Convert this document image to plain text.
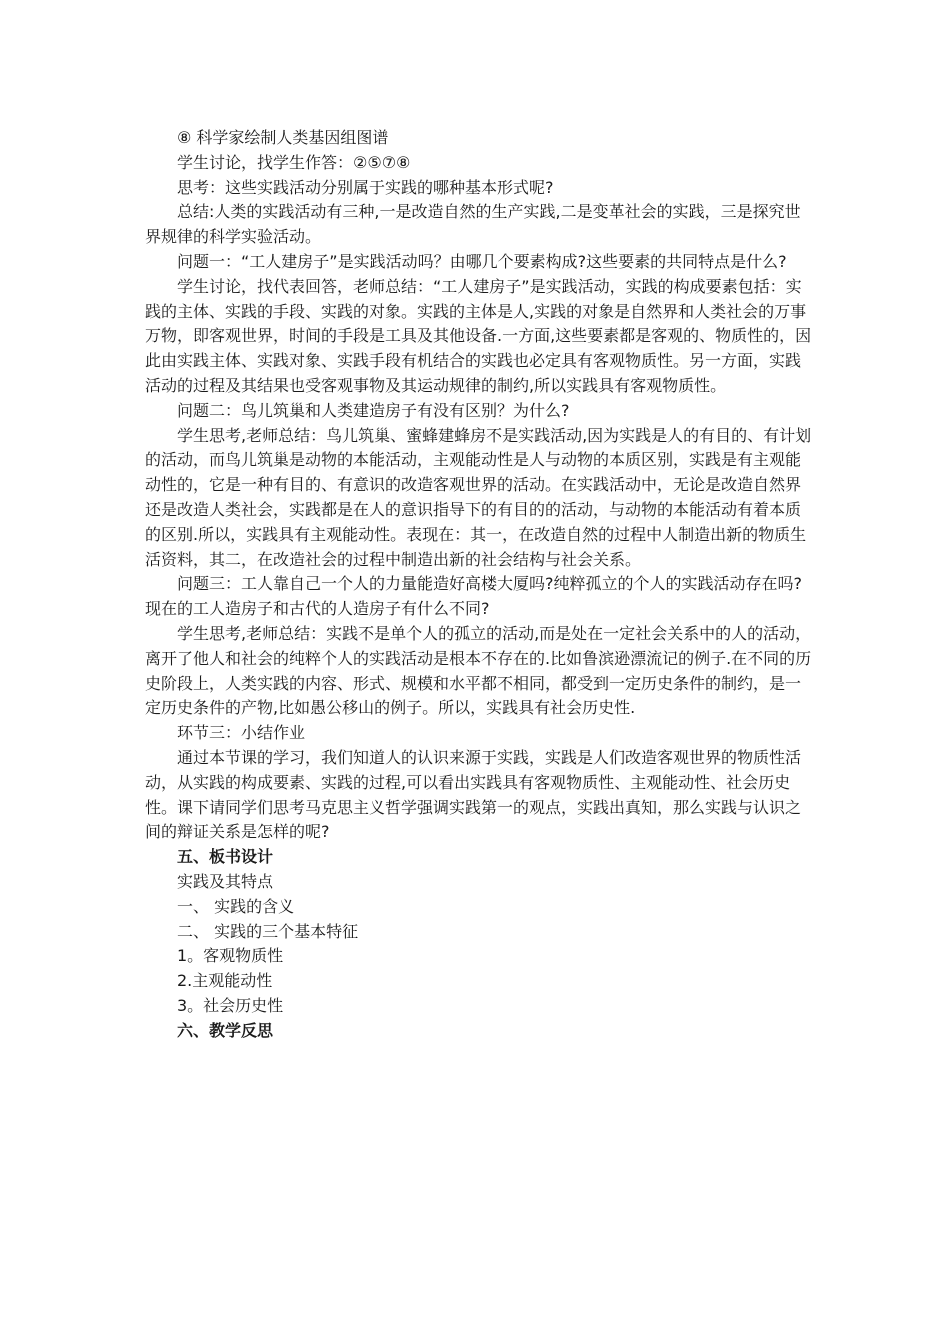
⑧ 科学家绘制人类基因组图谱

学生讨论，找学生作答：②⑤⑦⑧

思考：这些实践活动分别属于实践的哪种基本形式呢?

总结:人类的实践活动有三种,一是改造自然的生产实践,二是变革社会的实践，三是探究世界规律的科学实验活动。

问题一：“工人建房子”是实践活动吗？由哪几个要素构成?这些要素的共同特点是什么?

学生讨论，找代表回答，老师总结：“工人建房子”是实践活动，实践的构成要素包括：实践的主体、实践的手段、实践的对象。实践的主体是人,实践的对象是自然界和人类社会的万事万物，即客观世界，时间的手段是工具及其他设备.一方面,这些要素都是客观的、物质性的，因此由实践主体、实践对象、实践手段有机结合的实践也必定具有客观物质性。另一方面，实践活动的过程及其结果也受客观事物及其运动规律的制约,所以实践具有客观物质性。

问题二：鸟儿筑巢和人类建造房子有没有区别？为什么?

学生思考,老师总结：鸟儿筑巢、蜜蜂建蜂房不是实践活动,因为实践是人的有目的、有计划的活动，而鸟儿筑巢是动物的本能活动，主观能动性是人与动物的本质区别，实践是有主观能动性的，它是一种有目的、有意识的改造客观世界的活动。在实践活动中，无论是改造自然界还是改造人类社会，实践都是在人的意识指导下的有目的的活动，与动物的本能活动有着本质的区别.所以，实践具有主观能动性。表现在：其一，在改造自然的过程中人制造出新的物质生活资料，其二，在改造社会的过程中制造出新的社会结构与社会关系。

问题三：工人靠自己一个人的力量能造好高楼大厦吗?纯粹孤立的个人的实践活动存在吗?现在的工人造房子和古代的人造房子有什么不同?

学生思考,老师总结：实践不是单个人的孤立的活动,而是处在一定社会关系中的人的活动，离开了他人和社会的纯粹个人的实践活动是根本不存在的.比如鲁滨逊漂流记的例子.在不同的历史阶段上，人类实践的内容、形式、规模和水平都不相同，都受到一定历史条件的制约，是一定历史条件的产物,比如愚公移山的例子。所以，实践具有社会历史性.

环节三：小结作业

通过本节课的学习，我们知道人的认识来源于实践，实践是人们改造客观世界的物质性活动，从实践的构成要素、实践的过程,可以看出实践具有客观物质性、主观能动性、社会历史性。课下请同学们思考马克思主义哲学强调实践第一的观点，实践出真知，那么实践与认识之间的辩证关系是怎样的呢?

五、板书设计

实践及其特点

一、 实践的含义

二、 实践的三个基本特征

1。客观物质性

2.主观能动性

3。社会历史性

六、教学反思
